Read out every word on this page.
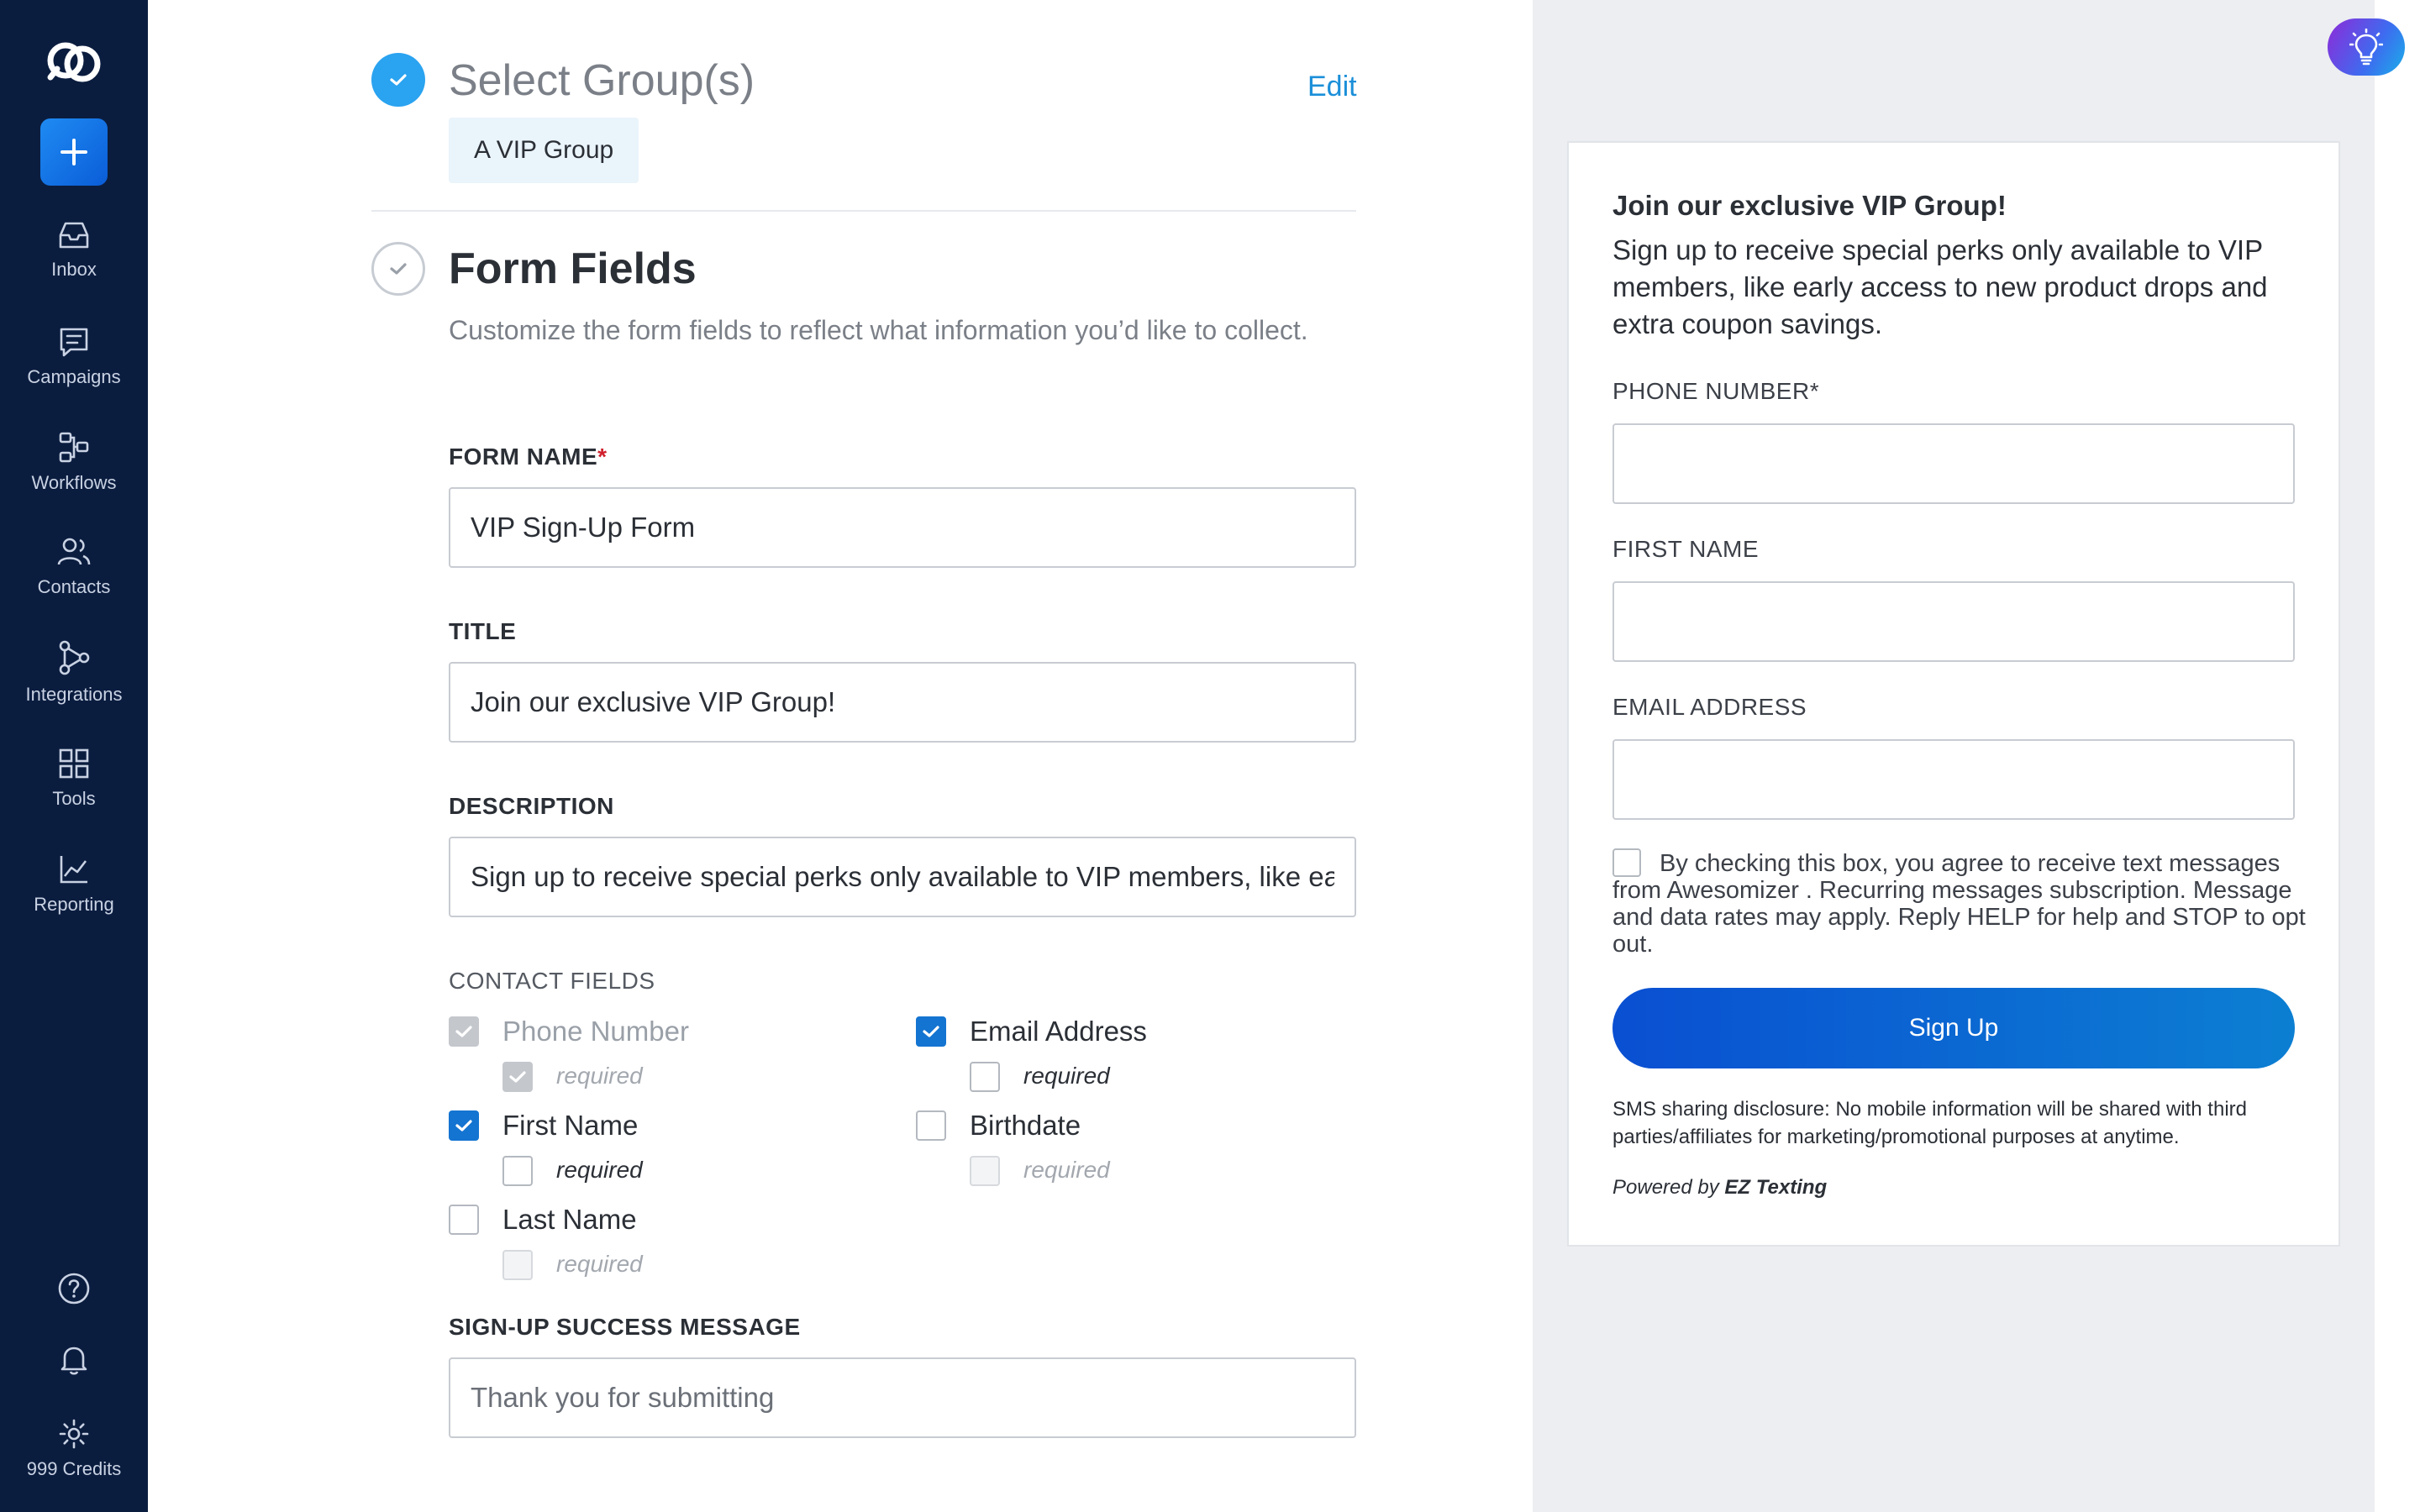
Inbox
Campaigns
Workflows
Contacts
Integrations
Tools
Reporting
999 Credits
Select Group(s)	Edit
A VIP Group
Form Fields

Customize the form fields to reflect what information you’d like to collect.

FORM NAME*
VIP Sign-Up Form
TITLE
Join our exclusive VIP Group!
DESCRIPTION
Sign up to receive special perks only available to VIP members, like early access to new product drops and extra coupon savings.
CONTACT FIELDS
Phone Number
required
First Name
required
Last Name
required
Email Address
required
Birthdate
required
SIGN-UP SUCCESS MESSAGE
Thank you for submitting
Join our exclusive VIP Group!

Sign up to receive special perks only available to VIP members, like early access to new product drops and extra coupon savings.

PHONE NUMBER*
FIRST NAME
EMAIL ADDRESS

By checking this box, you agree to receive text messages from Awesomizer . Recurring messages subscription. Message and data rates may apply. Reply HELP for help and STOP to opt out.

Sign Up

SMS sharing disclosure: No mobile information will be shared with third parties/affiliates for marketing/promotional purposes at anytime.

Powered by EZ Texting
